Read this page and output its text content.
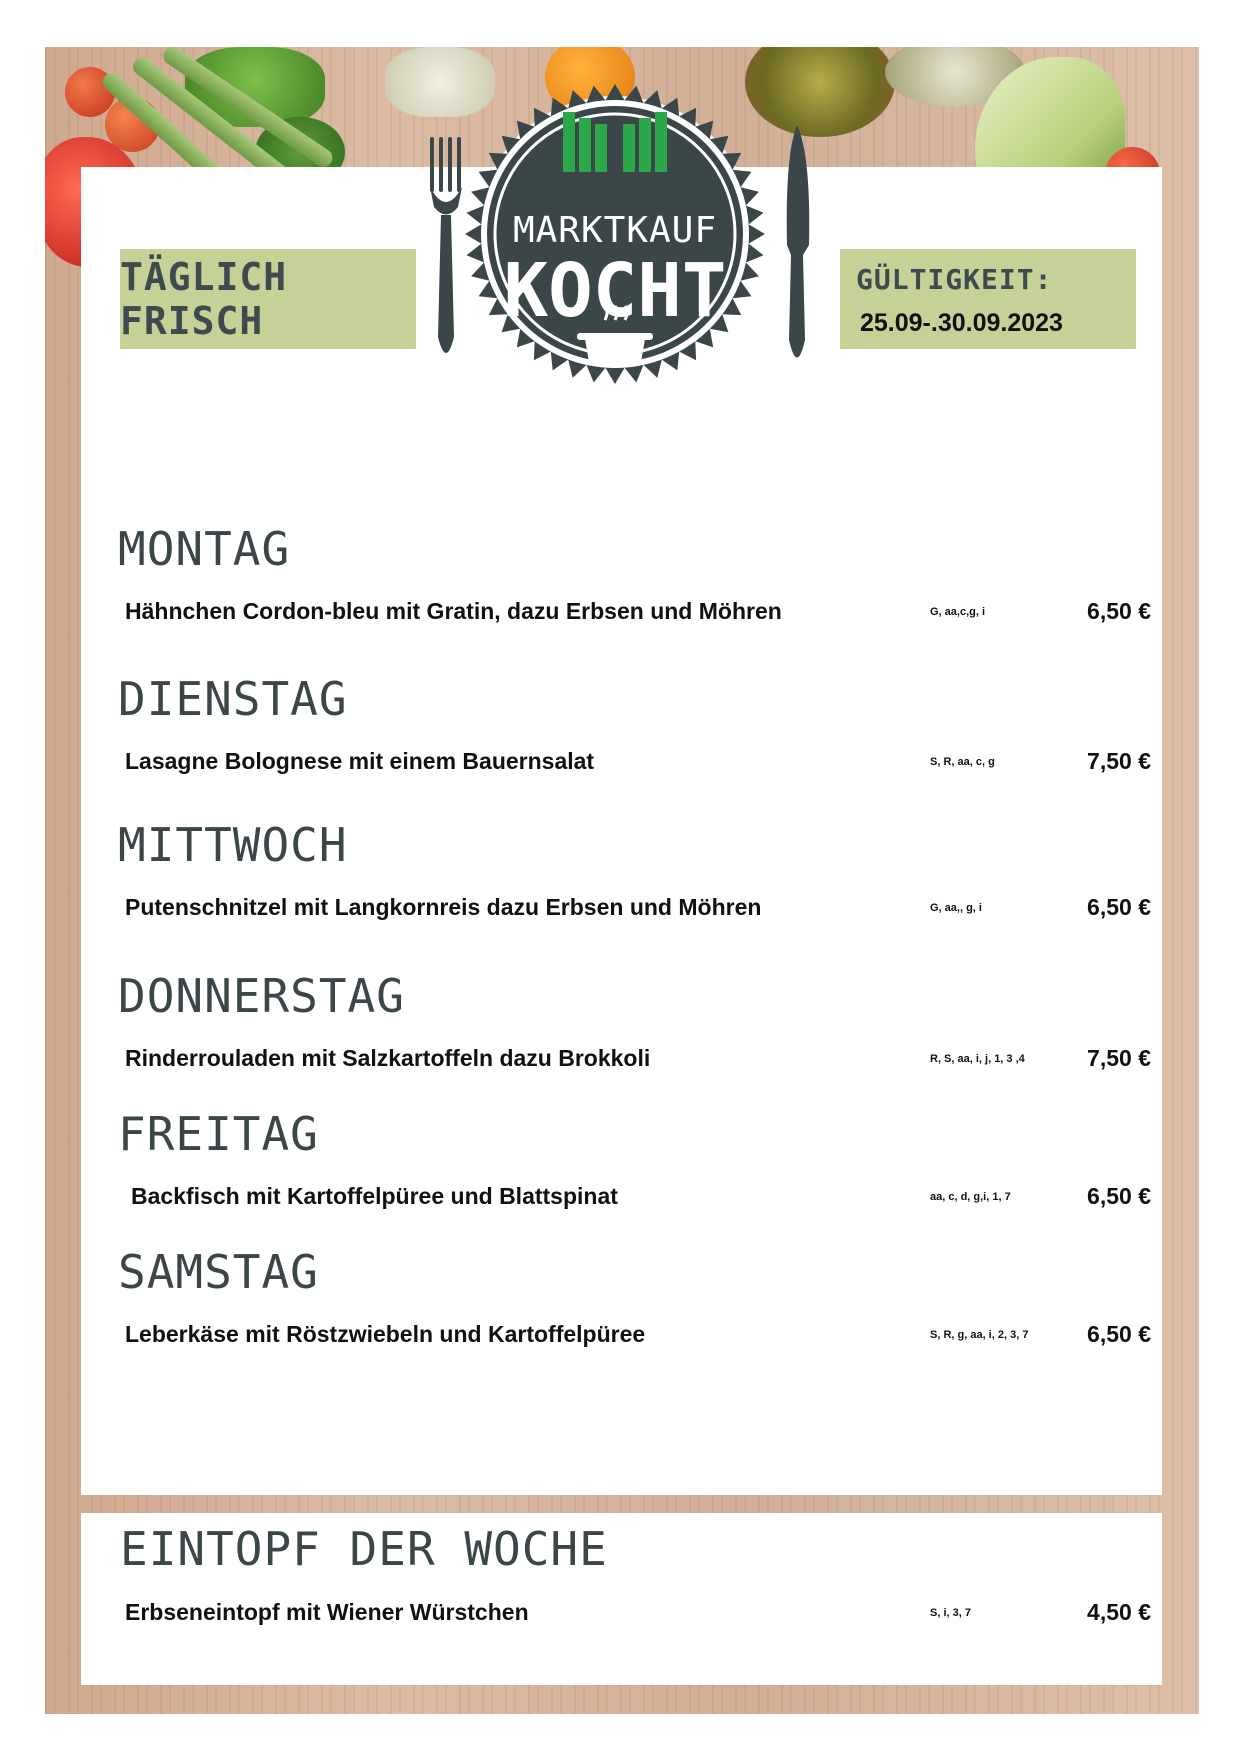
TÄGLICH FRISCH
GÜLTIGKEIT:
25.09-.30.09.2023
MARKTKAUF
KOCHT
MONTAG
Hähnchen Cordon-bleu mit Gratin, dazu Erbsen und Möhren	G, aa,c,g, i	6,50 €
DIENSTAG
Lasagne Bolognese mit einem Bauernsalat	S, R, aa, c, g	7,50 €
MITTWOCH
Putenschnitzel mit Langkornreis dazu Erbsen und Möhren	G, aa,, g, i	6,50 €
DONNERSTAG
Rinderrouladen mit Salzkartoffeln dazu Brokkoli	R, S, aa, i, j, 1, 3 ,4	7,50 €
FREITAG
Backfisch mit Kartoffelpüree und Blattspinat	aa, c, d, g,i, 1, 7	6,50 €
SAMSTAG
Leberkäse mit Röstzwiebeln und Kartoffelpüree	S, R, g, aa, i, 2, 3, 7	6,50 €
EINTOPF DER WOCHE
Erbseneintopf mit Wiener Würstchen	S, i, 3, 7	4,50 €
